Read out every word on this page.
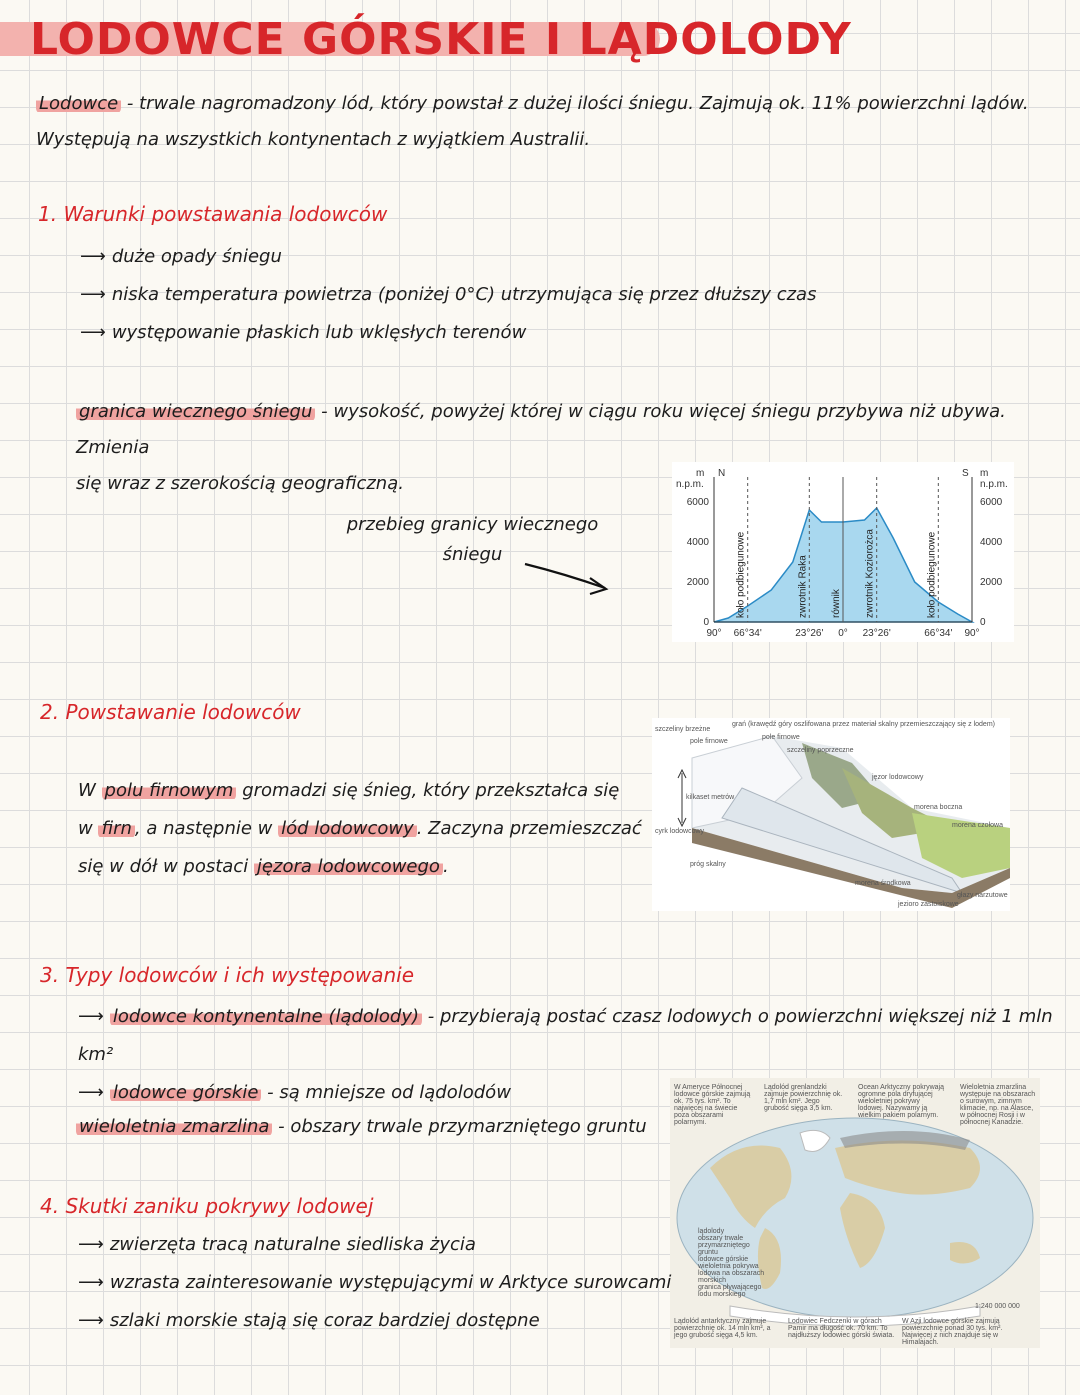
LODOWCE GÓRSKIE I LĄDOLODY
Lodowce - trwale nagromadzony lód, który powstał z dużej ilości śniegu. Zajmują ok. 11% powierzchni lądów.
Występują na wszystkich kontynentach z wyjątkiem Australii.
1. Warunki powstawania lodowców
⟶ duże opady śniegu
⟶ niska temperatura powietrza (poniżej 0°C) utrzymująca się przez dłuższy czas
⟶ występowanie płaskich lub wklęsłych terenów
granica wiecznego śniegu - wysokość, powyżej której w ciągu roku więcej śniegu przybywa niż ubywa. Zmienia
się wraz z szerokością geograficzną.
przebieg granicy wiecznego
śniegu
0	0
2000	2000
4000	4000
6000	6000
m
n.p.m.
m
n.p.m.
N	S
90° 66°34'	23°26' 0° 23°26'	66°34' 90°
koło podbiegunowe	zwrotnik Raka równik zwrotnik Koziorożca	koło podbiegunowe
2. Powstawanie lodowców
W polu firnowym gromadzi się śnieg, który przekształca się
w firn , a następnie w lód lodowcowy . Zaczyna przemieszczać
się w dół w postaci jęzora lodowcowego .
szczeliny brzeżne
grań (krawędź góry oszlifowana przez materiał skalny przemieszczający się z lodem)
pole firnowe
pole firnowe
szczeliny poprzeczne
jęzor lodowcowy
morena boczna
morena czołowa
kilkaset metrów
cyrk lodowcowy
próg skalny
morena środkowa
głazy narzutowe
jezioro zastoiskowe
3. Typy lodowców i ich występowanie
⟶ lodowce kontynentalne (lądolody) - przybierają postać czasz lodowych o powierzchni większej niż 1 mln km²
⟶ lodowce górskie - są mniejsze od lądolodów
wieloletnia zmarzlina - obszary trwale przymarzniętego gruntu
W Ameryce Północnej lodowce górskie zajmują ok. 75 tys. km². To najwięcej na świecie poza obszarami polarnymi.
Lądolód grenlandzki zajmuje powierzchnię ok. 1,7 mln km². Jego grubość sięga 3,5 km.
Ocean Arktyczny pokrywają ogromne pola dryfującej wieloletniej pokrywy lodowej. Nazywamy ją wielkim pakiem polarnym.
Wieloletnia zmarzlina występuje na obszarach o surowym, zimnym klimacie, np. na Alasce, w północnej Rosji i w północnej Kanadzie.
Lądolód antarktyczny zajmuje powierzchnię ok. 14 mln km², a jego grubość sięga 4,5 km.
Lodowiec Fedczenki w górach Pamir ma długość ok. 70 km. To najdłuższy lodowiec górski świata.
W Azji lodowce górskie zajmują powierzchnię ponad 30 tys. km². Najwięcej z nich znajduje się w Himalajach.
lądolody
obszary trwale przymarzniętego gruntu
lodowce górskie
wieloletnia pokrywa lodowa na obszarach morskich
granica pływającego lodu morskiego
1:240 000 000
4. Skutki zaniku pokrywy lodowej
⟶ zwierzęta tracą naturalne siedliska życia
⟶ wzrasta zainteresowanie występującymi w Arktyce surowcami
⟶ szlaki morskie stają się coraz bardziej dostępne
